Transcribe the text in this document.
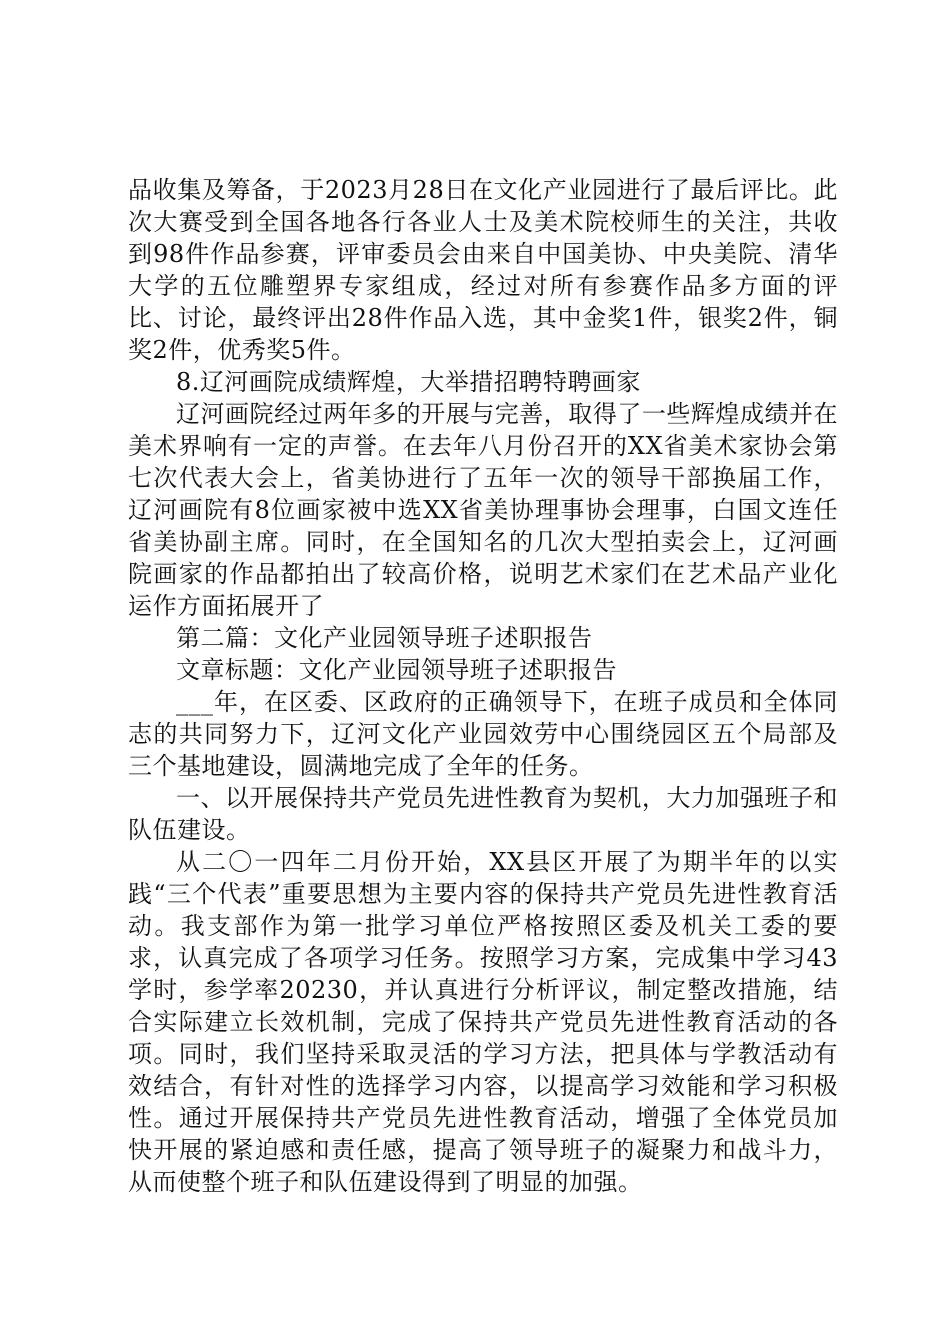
品收集及筹备，于2023月28日在文化产业园进行了最后评比。此次大赛受到全国各地各行各业人士及美术院校师生的关注，共收到98件作品参赛，评审委员会由来自中国美协、中央美院、清华大学的五位雕塑界专家组成，经过对所有参赛作品多方面的评比、讨论，最终评出28件作品入选，其中金奖1件，银奖2件，铜奖2件，优秀奖5件。

8.辽河画院成绩辉煌，大举措招聘特聘画家

辽河画院经过两年多的开展与完善，取得了一些辉煌成绩并在美术界响有一定的声誉。在去年八月份召开的XX省美术家协会第七次代表大会上，省美协进行了五年一次的领导干部换届工作，辽河画院有8位画家被中选XX省美协理事协会理事，白国文连任省美协副主席。同时，在全国知名的几次大型拍卖会上，辽河画院画家的作品都拍出了较高价格，说明艺术家们在艺术品产业化运作方面拓展开了

第二篇：文化产业园领导班子述职报告

文章标题：文化产业园领导班子述职报告

___年，在区委、区政府的正确领导下，在班子成员和全体同志的共同努力下，辽河文化产业园效劳中心围绕园区五个局部及三个基地建设，圆满地完成了全年的任务。

一、以开展保持共产党员先进性教育为契机，大力加强班子和队伍建设。

从二〇一四年二月份开始，XX县区开展了为期半年的以实践“三个代表”重要思想为主要内容的保持共产党员先进性教育活动。我支部作为第一批学习单位严格按照区委及机关工委的要求，认真完成了各项学习任务。按照学习方案，完成集中学习43学时，参学率20230，并认真进行分析评议，制定整改措施，结合实际建立长效机制，完成了保持共产党员先进性教育活动的各项。同时，我们坚持采取灵活的学习方法，把具体与学教活动有效结合，有针对性的选择学习内容，以提高学习效能和学习积极性。通过开展保持共产党员先进性教育活动，增强了全体党员加快开展的紧迫感和责任感，提高了领导班子的凝聚力和战斗力，从而使整个班子和队伍建设得到了明显的加强。
